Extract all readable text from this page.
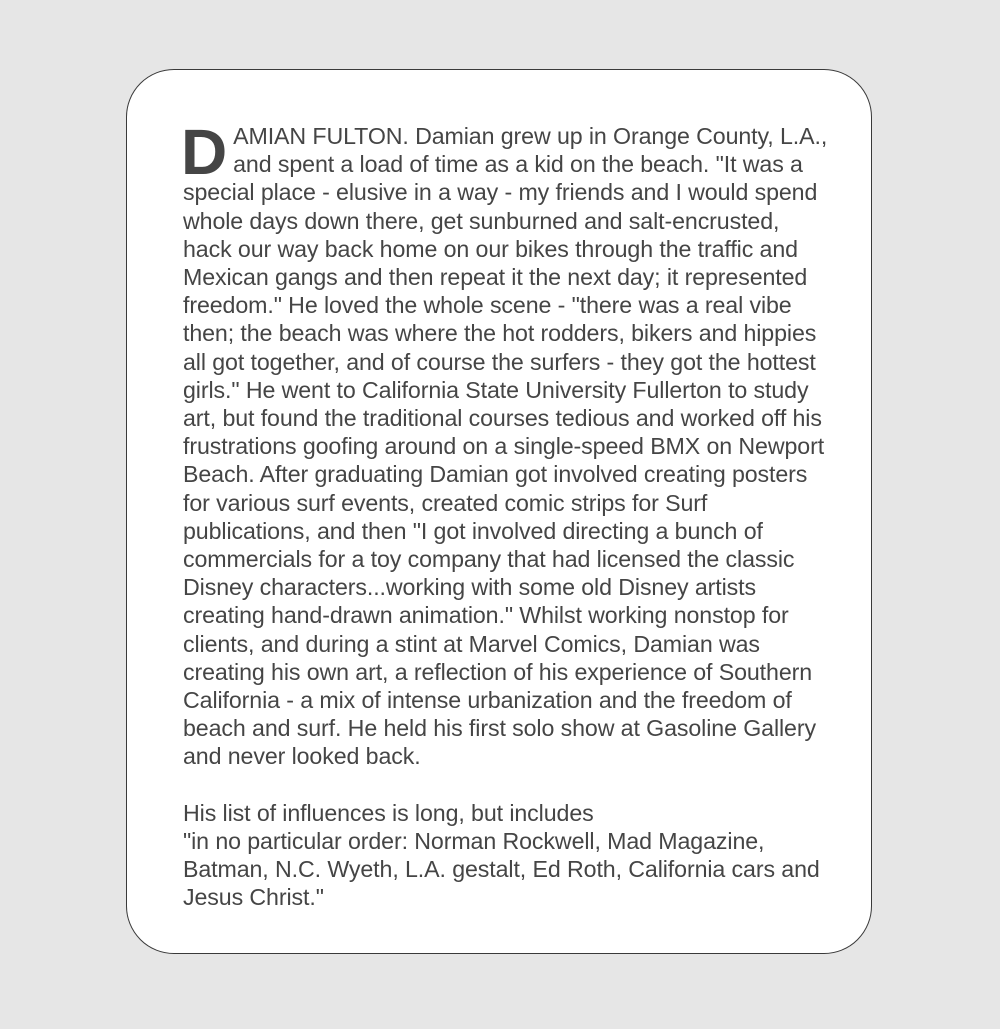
DAMIAN FULTON. Damian grew up in Orange County, L.A.,
and spent a load of time as a kid on the beach. "It was a
special place - elusive in a way - my friends and I would spend
whole days down there, get sunburned and salt-encrusted,
hack our way back home on our bikes through the traffic and
Mexican gangs and then repeat it the next day; it represented
freedom." He loved the whole scene - "there was a real vibe
then; the beach was where the hot rodders, bikers and hippies
all got together, and of course the surfers - they got the hottest
girls." He went to California State University Fullerton to study
art, but found the traditional courses tedious and worked off his
frustrations goofing around on a single-speed BMX on Newport
Beach. After graduating Damian got involved creating posters
for various surf events, created comic strips for Surf
publications, and then "I got involved directing a bunch of
commercials for a toy company that had licensed the classic
Disney characters...working with some old Disney artists
creating hand-drawn animation." Whilst working nonstop for
clients, and during a stint at Marvel Comics, Damian was
creating his own art, a reflection of his experience of Southern
California - a mix of intense urbanization and the freedom of
beach and surf. He held his first solo show at Gasoline Gallery
and never looked back.

His list of influences is long, but includes
"in no particular order: Norman Rockwell, Mad Magazine,
Batman, N.C. Wyeth, L.A. gestalt, Ed Roth, California cars and
Jesus Christ."
